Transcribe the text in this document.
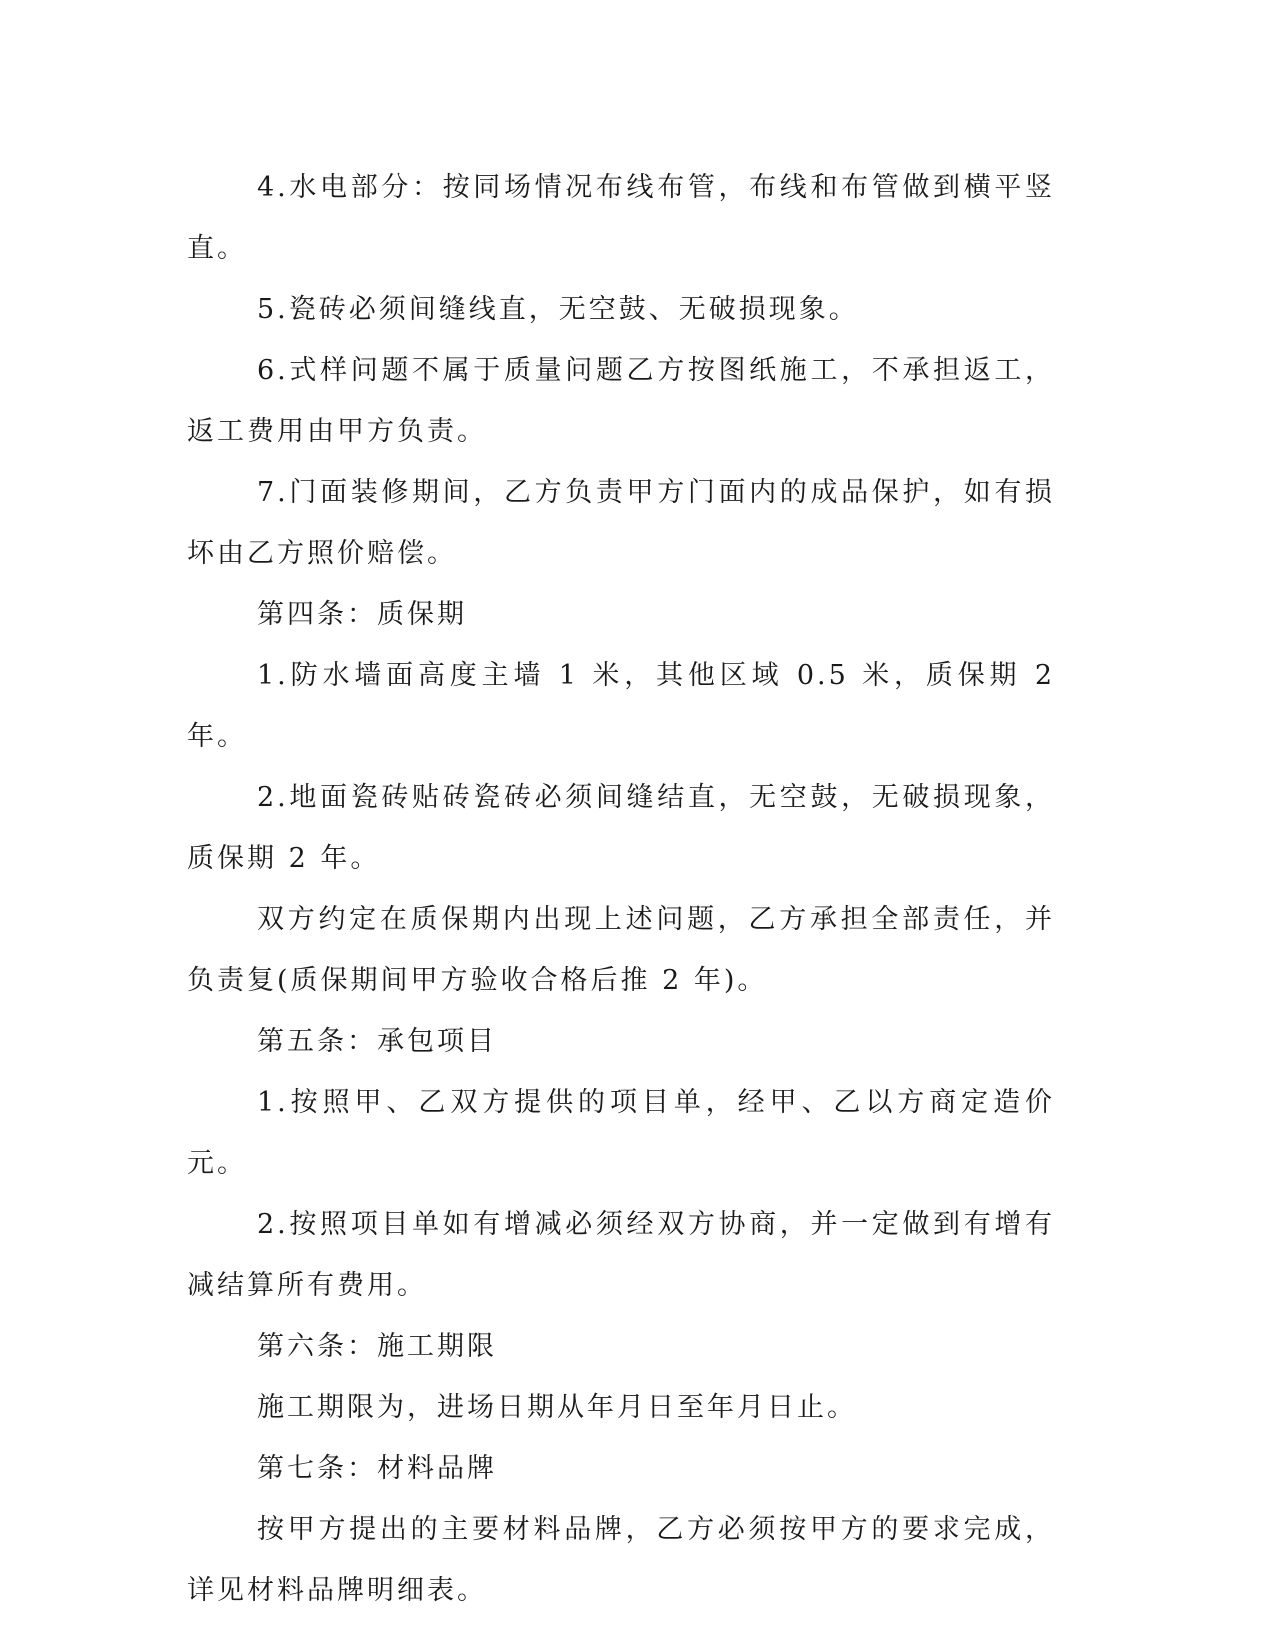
4.水电部分：按同场情况布线布管，布线和布管做到横平竖直。

5.瓷砖必须间缝线直，无空鼓、无破损现象。

6.式样问题不属于质量问题乙方按图纸施工，不承担返工，返工费用由甲方负责。

7.门面装修期间，乙方负责甲方门面内的成品保护，如有损坏由乙方照价赔偿。

第四条：质保期

1.防水墙面高度主墙 1 米，其他区域 0.5 米，质保期 2 年。

2.地面瓷砖贴砖瓷砖必须间缝结直，无空鼓，无破损现象，质保期 2 年。

双方约定在质保期内出现上述问题，乙方承担全部责任，并负责复(质保期间甲方验收合格后推 2 年)。

第五条：承包项目

1.按照甲、乙双方提供的项目单，经甲、乙以方商定造价元。

2.按照项目单如有增减必须经双方协商，并一定做到有增有减结算所有费用。

第六条：施工期限

施工期限为，进场日期从年月日至年月日止。

第七条：材料品牌

按甲方提出的主要材料品牌，乙方必须按甲方的要求完成，详见材料品牌明细表。
